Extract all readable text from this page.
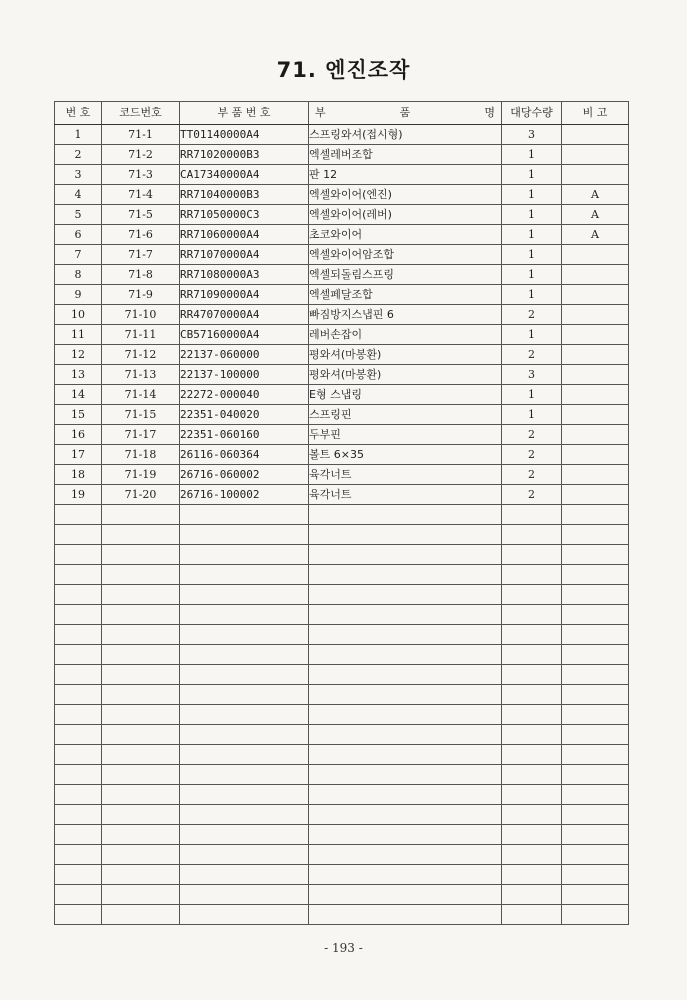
71. 엔진조작
번 호	코드번호	부 품 번 호	부 품 명	대당수량	비 고
1	71-1	TT01140000A4	스프링와셔(접시형)	3	
2	71-2	RR71020000B3	엑셀레버조합	1	
3	71-3	CA17340000A4	판 12	1	
4	71-4	RR71040000B3	엑셀와이어(엔진)	1	A
5	71-5	RR71050000C3	엑셀와이어(레버)	1	A
6	71-6	RR71060000A4	초코와이어	1	A
7	71-7	RR71070000A4	엑셀와이어암조합	1	
8	71-8	RR71080000A3	엑셀되돌림스프링	1	
9	71-9	RR71090000A4	엑셀페달조합	1	
10	71-10	RR47070000A4	빠짐방지스냅핀 6	2	
11	71-11	CB57160000A4	레버손잡이	1	
12	71-12	22137-060000	평와셔(마봉환)	2	
13	71-13	22137-100000	평와셔(마봉환)	3	
14	71-14	22272-000040	E형 스냅링	1	
15	71-15	22351-040020	스프링핀	1	
16	71-17	22351-060160	두부핀	2	
17	71-18	26116-060364	볼트 6×35	2	
18	71-19	26716-060002	육각너트	2	
19	71-20	26716-100002	육각너트	2	

- 193 -
